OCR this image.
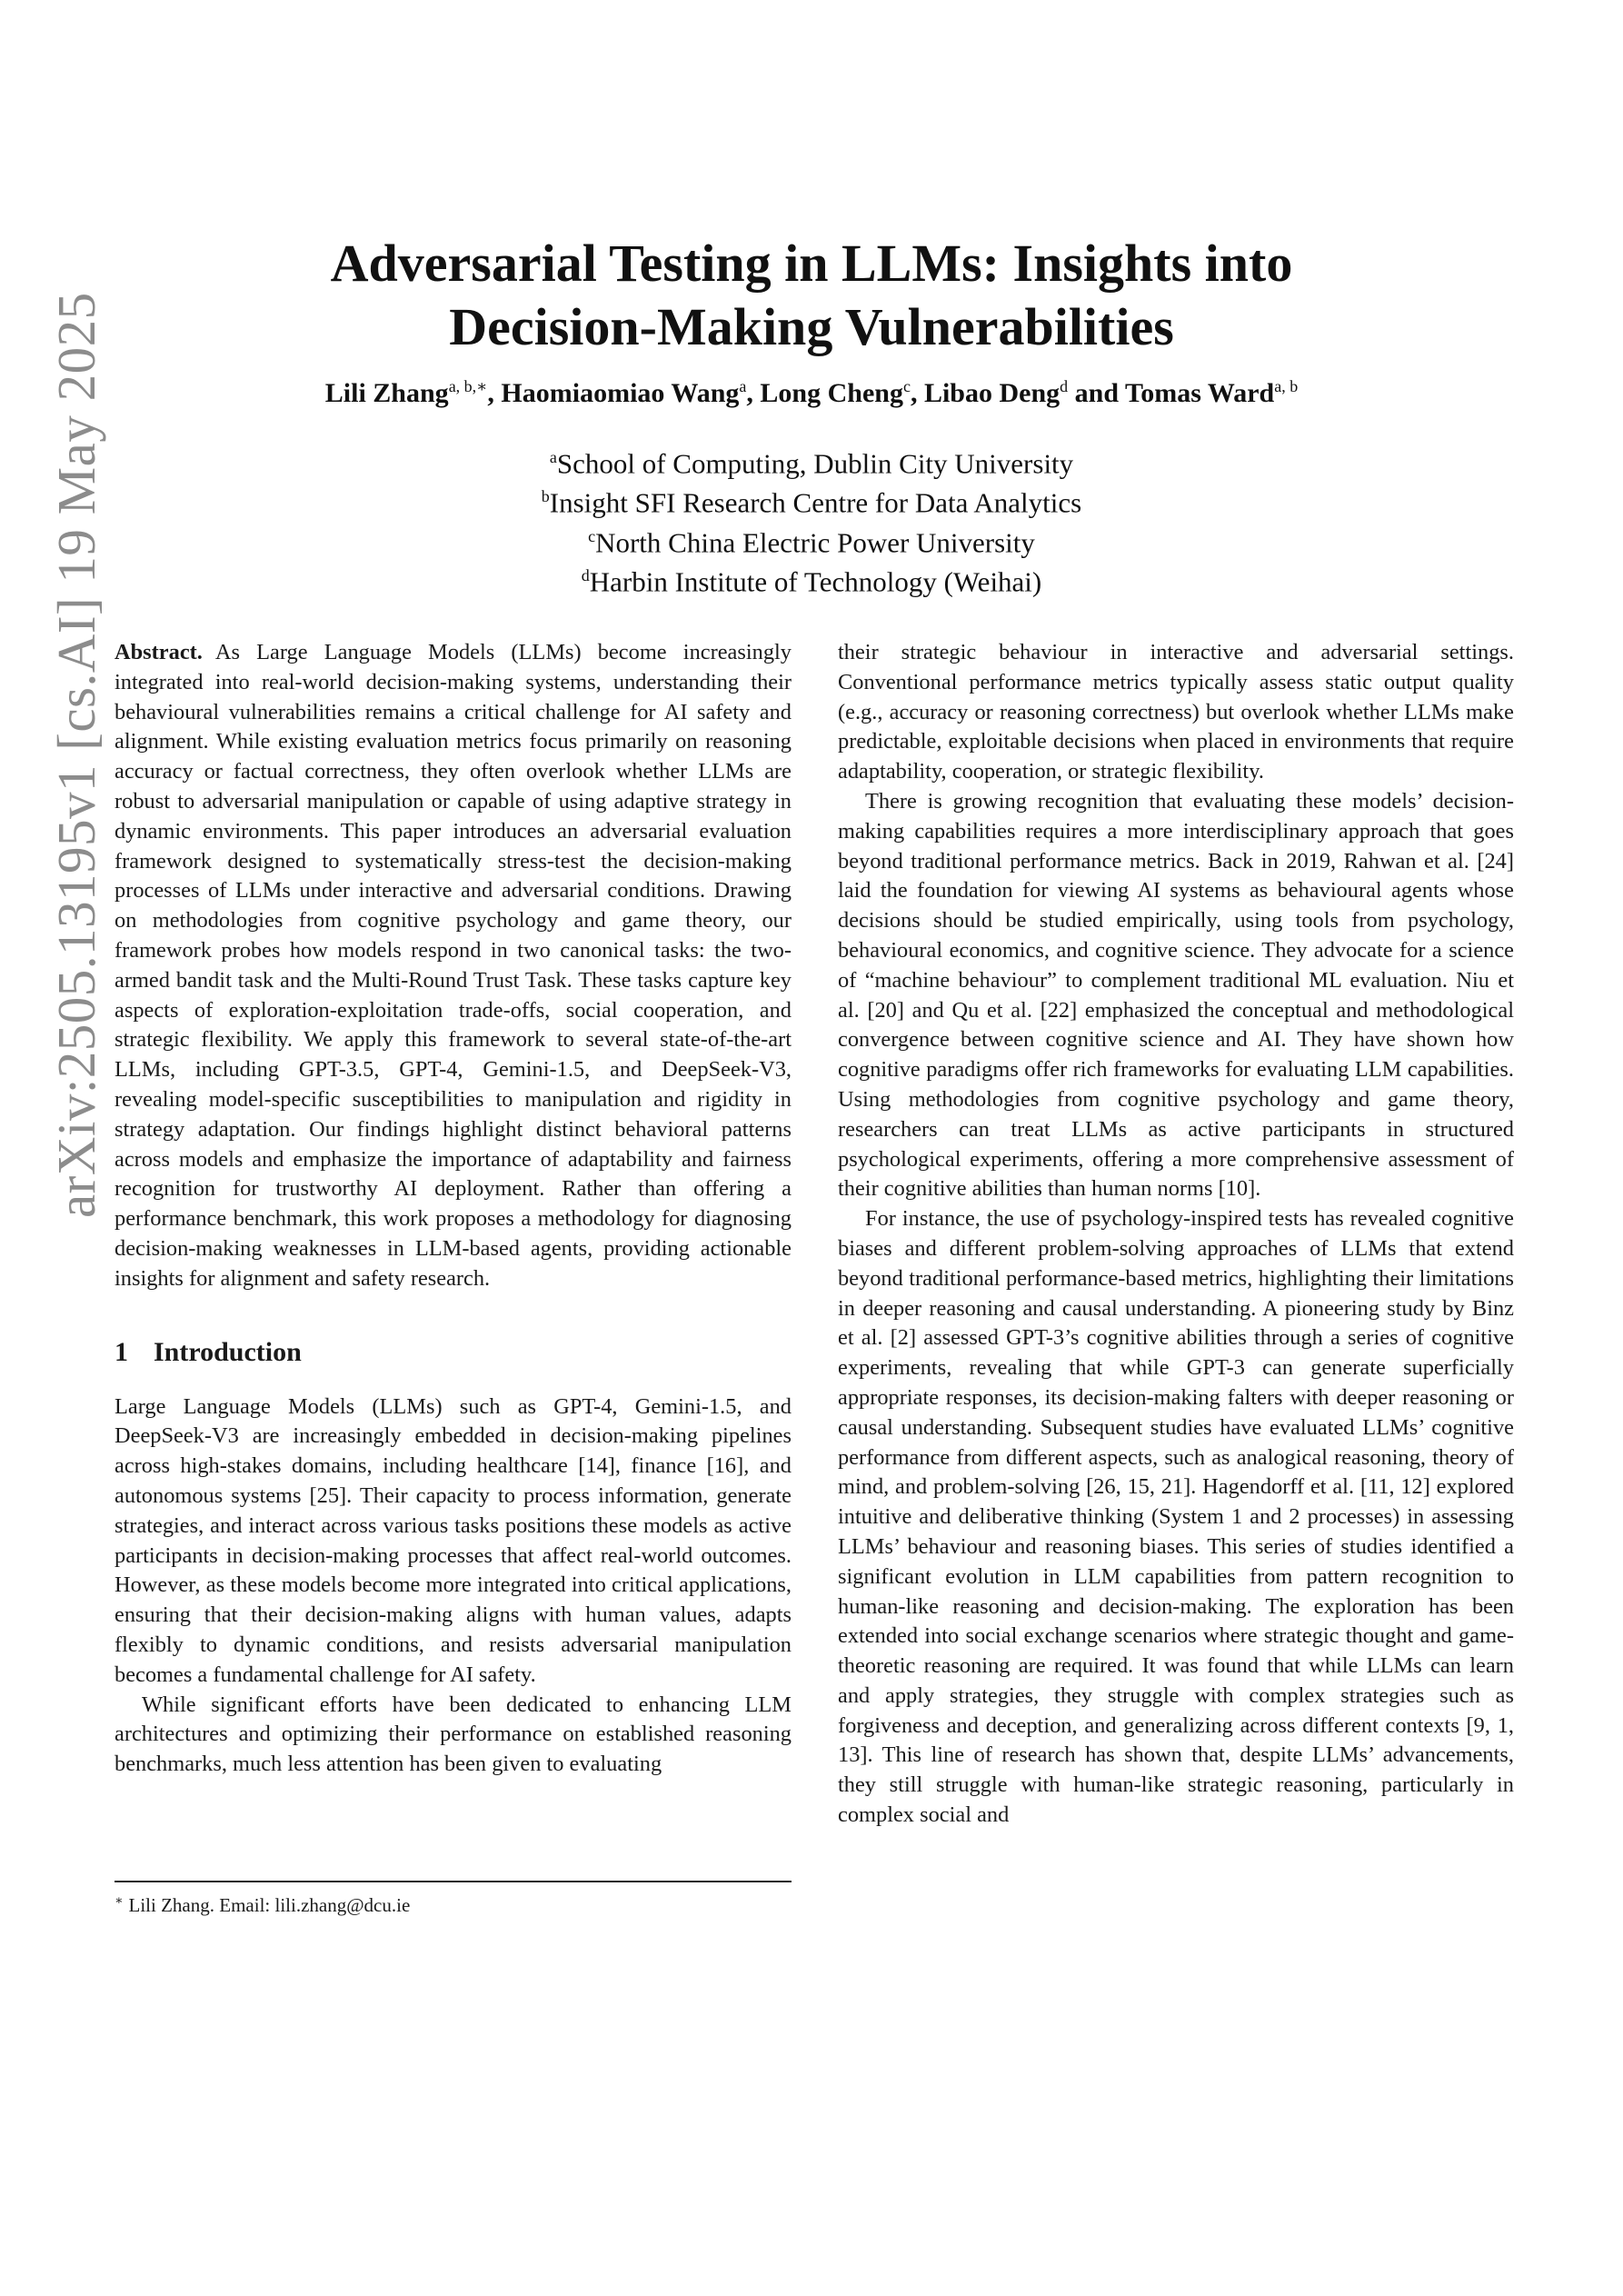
arXiv:2505.13195v1 [cs.AI] 19 May 2025
Adversarial Testing in LLMs: Insights into
Decision-Making Vulnerabilities
Lili Zhang$^{a, b,∗}$, Haomiaomiao Wang$^a$, Long Cheng$^c$, Libao Deng$^d$ and Tomas Ward$^{a, b}$
$^a$School of Computing, Dublin City University
$^b$Insight SFI Research Centre for Data Analytics
$^c$North China Electric Power University
$^d$Harbin Institute of Technology (Weihai)

Abstract. As Large Language Models (LLMs) become increasingly integrated into real-world decision-making systems, understanding their behavioural vulnerabilities remains a critical challenge for AI safety and alignment. While existing evaluation metrics focus primarily on reasoning accuracy or factual correctness, they often overlook whether LLMs are robust to adversarial manipulation or capable of using adaptive strategy in dynamic environments. This paper introduces an adversarial evaluation framework designed to systematically stress-test the decision-making processes of LLMs under interactive and adversarial conditions. Drawing on methodologies from cognitive psychology and game theory, our framework probes how models respond in two canonical tasks: the two-armed bandit task and the Multi-Round Trust Task. These tasks capture key aspects of exploration-exploitation trade-offs, social cooperation, and strategic flexibility. We apply this framework to several state-of-the-art LLMs, including GPT-3.5, GPT-4, Gemini-1.5, and DeepSeek-V3, revealing model-specific susceptibilities to manipulation and rigidity in strategy adaptation. Our findings highlight distinct behavioral patterns across models and emphasize the importance of adaptability and fairness recognition for trustworthy AI deployment. Rather than offering a performance benchmark, this work proposes a methodology for diagnosing decision-making weaknesses in LLM-based agents, providing actionable insights for alignment and safety research.

1 Introduction

Large Language Models (LLMs) such as GPT-4, Gemini-1.5, and DeepSeek-V3 are increasingly embedded in decision-making pipelines across high-stakes domains, including healthcare [14], finance [16], and autonomous systems [25]. Their capacity to process information, generate strategies, and interact across various tasks positions these models as active participants in decision-making processes that affect real-world outcomes. However, as these models become more integrated into critical applications, ensuring that their decision-making aligns with human values, adapts flexibly to dynamic conditions, and resists adversarial manipulation becomes a fundamental challenge for AI safety.

While significant efforts have been dedicated to enhancing LLM architectures and optimizing their performance on established reasoning benchmarks, much less attention has been given to evaluating

∗ Lili Zhang. Email: lili.zhang@dcu.ie

their strategic behaviour in interactive and adversarial settings. Conventional performance metrics typically assess static output quality (e.g., accuracy or reasoning correctness) but overlook whether LLMs make predictable, exploitable decisions when placed in environments that require adaptability, cooperation, or strategic flexibility.

There is growing recognition that evaluating these models’ decision-making capabilities requires a more interdisciplinary approach that goes beyond traditional performance metrics. Back in 2019, Rahwan et al. [24] laid the foundation for viewing AI systems as behavioural agents whose decisions should be studied empirically, using tools from psychology, behavioural economics, and cognitive science. They advocate for a science of “machine behaviour” to complement traditional ML evaluation. Niu et al. [20] and Qu et al. [22] emphasized the conceptual and methodological convergence between cognitive science and AI. They have shown how cognitive paradigms offer rich frameworks for evaluating LLM capabilities. Using methodologies from cognitive psychology and game theory, researchers can treat LLMs as active participants in structured psychological experiments, offering a more comprehensive assessment of their cognitive abilities than human norms [10].

For instance, the use of psychology-inspired tests has revealed cognitive biases and different problem-solving approaches of LLMs that extend beyond traditional performance-based metrics, highlighting their limitations in deeper reasoning and causal understanding. A pioneering study by Binz et al. [2] assessed GPT-3’s cognitive abilities through a series of cognitive experiments, revealing that while GPT-3 can generate superficially appropriate responses, its decision-making falters with deeper reasoning or causal understanding. Subsequent studies have evaluated LLMs’ cognitive performance from different aspects, such as analogical reasoning, theory of mind, and problem-solving [26, 15, 21]. Hagendorff et al. [11, 12] explored intuitive and deliberative thinking (System 1 and 2 processes) in assessing LLMs’ behaviour and reasoning biases. This series of studies identified a significant evolution in LLM capabilities from pattern recognition to human-like reasoning and decision-making. The exploration has been extended into social exchange scenarios where strategic thought and game-theoretic reasoning are required. It was found that while LLMs can learn and apply strategies, they struggle with complex strategies such as forgiveness and deception, and generalizing across different contexts [9, 1, 13]. This line of research has shown that, despite LLMs’ advancements, they still struggle with human-like strategic reasoning, particularly in complex social and
